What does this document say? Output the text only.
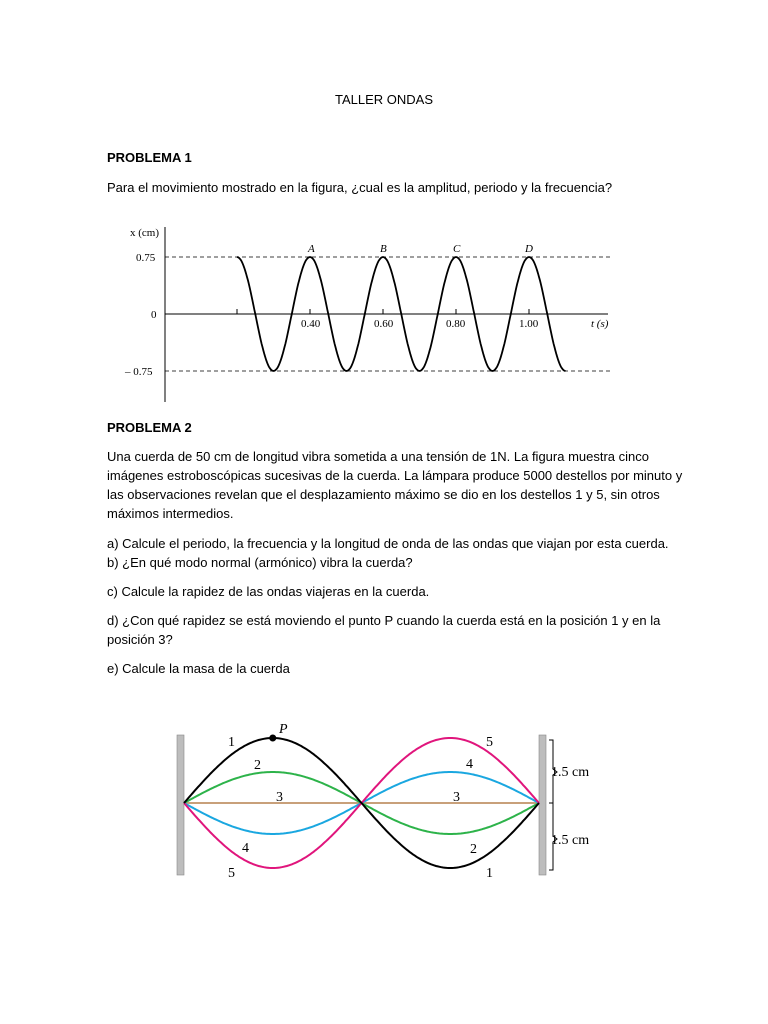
TALLER ONDAS
PROBLEMA 1
Para el movimiento mostrado en la figura, ¿cual es la amplitud, periodo y la frecuencia?
x (cm)
0.75
0
– 0.75
t (s)
0.40	0.60	0.80	1.00
A	B	C	D
PROBLEMA 2
Una cuerda de 50 cm de longitud vibra sometida a una tensión de 1N. La figura muestra cinco
imágenes estroboscópicas sucesivas de la cuerda. La lámpara produce 5000 destellos por minuto y
las observaciones revelan que el desplazamiento máximo se dio en los destellos 1 y 5, sin otros
máximos intermedios.
a) Calcule el periodo, la frecuencia y la longitud de onda de las ondas que viajan por esta cuerda.
b) ¿En qué modo normal (armónico) vibra la cuerda?
c) Calcule la rapidez de las ondas viajeras en la cuerda.
d) ¿Con qué rapidez se está moviendo el punto P cuando la cuerda está en la posición 1 y en la
posición 3?
e) Calcule la masa de la cuerda
P
1
2
3
4
5
5
4
3
2
1
1.5 cm
1.5 cm
